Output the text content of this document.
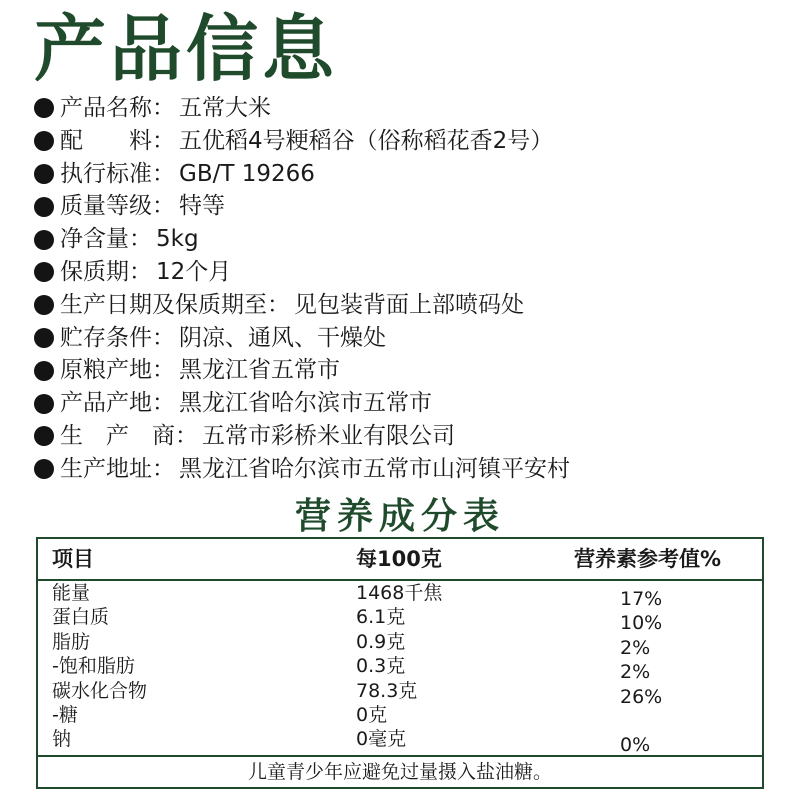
产品信息
产品名称 ： 五常大米
配　　料 ： 五优稻4号粳稻谷（俗称稻花香2号）
执行标准 ： GB/T 19266
质量等级 ： 特等
净含量 ： 5kg
保质期 ： 12个月
生产日期及保质期至 ： 见包装背面上部喷码处
贮存条件 ： 阴凉、通风、干燥处
原粮产地 ： 黑龙江省五常市
产品产地 ： 黑龙江省哈尔滨市五常市
生　产　商 ： 五常市彩桥米业有限公司
生产地址 ： 黑龙江省哈尔滨市五常市山河镇平安村
营养成分表
项目	每100克	营养素参考值%
能量	1468千焦	17%
蛋白质	6.1克	10%
脂肪	0.9克	2%
-饱和脂肪	0.3克	2%
碳水化合物	78.3克	26%
-糖	0克
钠	0毫克	0%
儿童青少年应避免过量摄入盐油糖。
